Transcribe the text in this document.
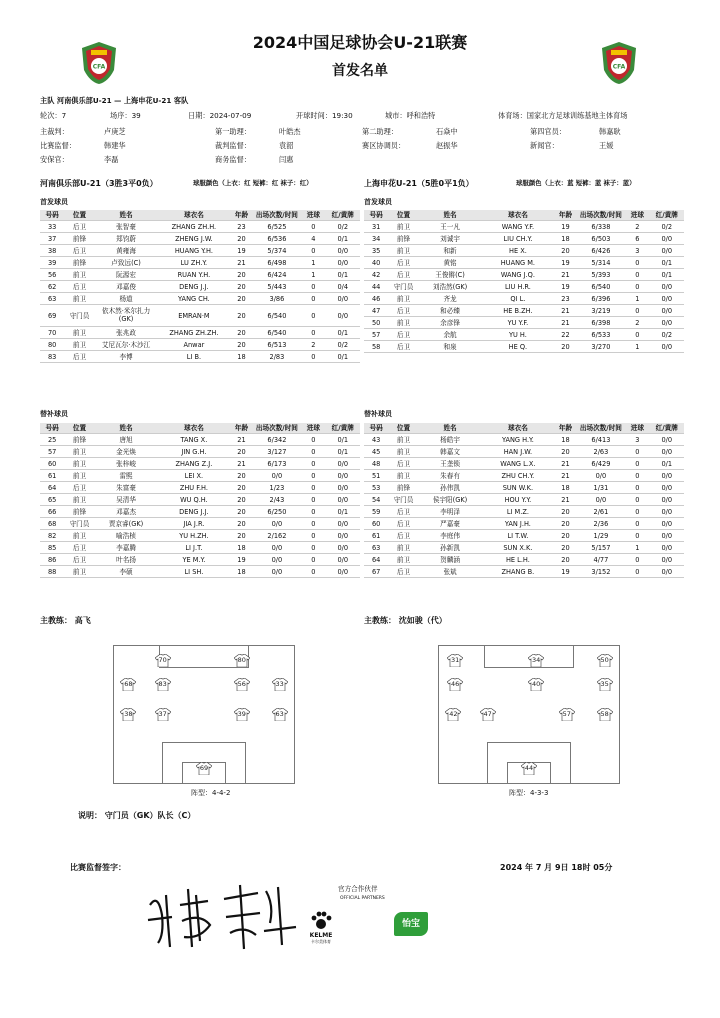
CFA	CFA
2024中国足球协会U-21联赛
首发名单
主队 河南俱乐部U-21 — 上海申花U-21 客队
轮次：7	场序：39	日期：2024-07-09	开球时间：19:30	城市：呼和浩特	体育场：国家北方足球训练基地主体育场
主裁判：	卢庚芝	第一助理：	叶皓杰	第二助理：	石焱中	第四官员：	韩嘉耿
比赛监督：	韩建华	裁判监督：	袁韶	赛区协调员：	赵振华	新闻官：	王媛
安保官：	李磊	商务监督：	闫惠
河南俱乐部U-21（3胜3平0负）	球服颜色（上衣：红 短裤：红 袜子：红）	上海申花U-21（5胜0平1负）	球服颜色（上衣：蓝 短裤：蓝 袜子：蓝）
首发球员	首发球员
号码	位置	姓名	球衣名	年龄	出场次数/时间	进球	红/黄牌
33	后卫	张智豪	ZHANG ZH.H.	23	6/525	0	0/2
37	前锋	郑钧蔚	ZHENG J.W.	20	6/536	4	0/1
38	后卫	黄雍海	HUANG Y.H.	19	5/374	0	0/0
39	前锋	卢致远(C)	LU ZH.Y.	21	6/498	1	0/0
56	前卫	阮源宏	RUAN Y.H.	20	6/424	1	0/1
62	后卫	邓嘉俊	DENG J.J.	20	5/443	0	0/4
63	前卫	杨道	YANG CH.	20	3/86	0	0/0
69	守门员	依木然·米尔扎力(GK)	EMRAN·M	20	6/540	0	0/0
70	前卫	张兆政	ZHANG ZH.ZH.	20	6/540	0	0/1
80	前卫	艾尼瓦尔·木沙江	Anwar	20	6/513	2	0/2
83	后卫	李博	LI B.	18	2/83	0	0/1
号码	位置	姓名	球衣名	年龄	出场次数/时间	进球	红/黄牌
31	前卫	王一凡	WANG Y.F.	19	6/338	2	0/2
34	前锋	刘诚宇	LIU CH.Y.	18	6/503	6	0/0
35	前卫	和新	HE X.	20	6/426	3	0/0
40	后卫	黄铭	HUANG M.	19	5/314	0	0/1
42	后卫	王俊锵(C)	WANG J.Q.	21	5/393	0	0/1
44	守门员	刘浩然(GK)	LIU H.R.	19	6/540	0	0/0
46	前卫	齐龙	QI L.	23	6/396	1	0/0
47	后卫	和必臻	HE B.ZH.	21	3/219	0	0/0
50	前卫	余彦锋	YU Y.F.	21	6/398	2	0/0
57	后卫	余航	YU H.	22	6/533	0	0/2
58	后卫	和泉	HE Q.	20	3/270	1	0/0
替补球员	替补球员
号码	位置	姓名	球衣名	年龄	出场次数/时间	进球	红/黄牌
25	前锋	唐旭	TANG X.	21	6/342	0	0/1
57	前卫	金光焕	JIN G.H.	20	3/127	0	0/1
60	前卫	张梓峻	ZHANG Z.J.	21	6/173	0	0/0
61	前卫	雷熙	LEI X.	20	0/0	0	0/0
64	后卫	朱富豪	ZHU F.H.	20	1/23	0	0/0
65	前卫	吴清华	WU Q.H.	20	2/43	0	0/0
66	前锋	邓嘉杰	DENG J.J.	20	6/250	0	0/1
68	守门员	贾京睿(GK)	JIA J.R.	20	0/0	0	0/0
82	前卫	喻浩桢	YU H.ZH.	20	2/162	0	0/0
85	后卫	李嘉腾	LI J.T.	18	0/0	0	0/0
86	后卫	叶名扬	YE M.Y.	19	0/0	0	0/0
88	前卫	李硕	LI SH.	18	0/0	0	0/0
号码	位置	姓名	球衣名	年龄	出场次数/时间	进球	红/黄牌
43	前卫	杨皓宇	YANG H.Y.	18	6/413	3	0/0
45	前卫	韩嘉文	HAN J.W.	20	2/63	0	0/0
48	后卫	王垄锁	WANG L.X.	21	6/429	0	0/1
51	前卫	朱春有	ZHU CH.Y.	21	0/0	0	0/0
53	前锋	孙伟凯	SUN W.K.	18	1/31	0	0/0
54	守门员	侯宇阳(GK)	HOU Y.Y.	21	0/0	0	0/0
59	后卫	李明泽	LI M.Z.	20	2/61	0	0/0
60	后卫	严嘉豪	YAN J.H.	20	2/36	0	0/0
61	后卫	李庭伟	LI T.W.	20	1/29	0	0/0
63	前卫	孙新凯	SUN X.K.	20	5/157	1	0/0
64	前卫	贺麟涵	HE L.H.	20	4/77	0	0/0
67	后卫	张斌	ZHANG B.	19	3/152	0	0/0
主教练： 高飞	主教练： 沈如骏（代）
70	80
68	83	56	33
38	37	39	63
69
阵型：4-4-2
31	34	50
46	40	35
42	47	57	58
44
阵型：4-3-3
说明： 守门员（GK）队长（C）
比赛监督签字：	2024 年 7 月 9日 18时 05分
官方合作伙伴
OFFICIAL PARTNERS
KELME
卡尔美体育
怡宝
